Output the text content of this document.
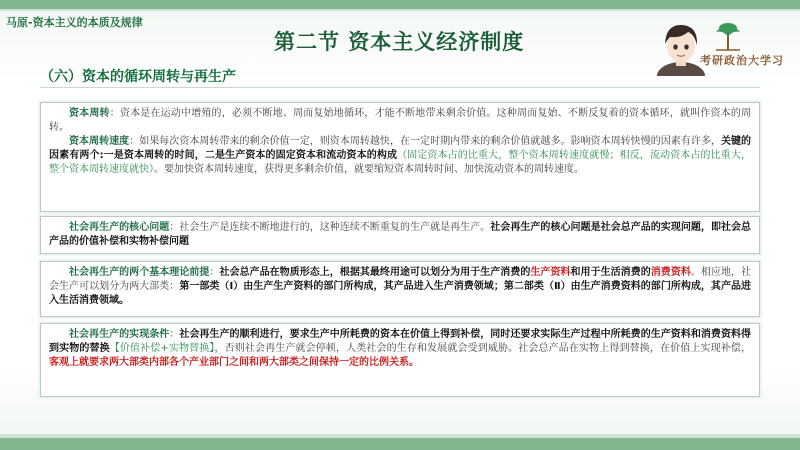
马原-资本主义的本质及规律
第二节 资本主义经济制度
考研政治大学习
（六）资本的循环周转与再生产

资本周转：资本是在运动中增殖的，必须不断地、周而复始地循环，才能不断地带来剩余价值。这种周而复始、不断反复着的资本循环，就叫作资本的周转。

资本周转速度：如果每次资本周转带来的剩余价值一定，则资本周转越快，在一定时期内带来的剩余价值就越多。影响资本周转快慢的因素有许多，关键的因素有两个:一是资本周转的时间，二是生产资本的固定资本和流动资本的构成（固定资本占的比重大，整个资本周转速度就慢；相反，流动资本占的比重大，整个资本周转速度就快）。要加快资本周转速度，获得更多剩余价值，就要缩短资本周转时间、加快流动资本的周转速度。

社会再生产的核心问题：社会生产是连续不断地进行的，这种连续不断重复的生产就是再生产。社会再生产的核心问题是社会总产品的实现问题，即社会总产品的价值补偿和实物补偿问题

社会再生产的两个基本理论前提：社会总产品在物质形态上，根据其最终用途可以划分为用于生产消费的生产资料和用于生活消费的消费资料。相应地，社会生产可以划分为两大部类：第一部类（Ⅰ）由生产生产资料的部门所构成，其产品进入生产消费领域；第二部类（Ⅱ）由生产消费资料的部门所构成，其产品进入生活消费领域。

社会再生产的实现条件：社会再生产的顺利进行，要求生产中所耗费的资本在价值上得到补偿，同时还要求实际生产过程中所耗费的生产资料和消费资料得到实物的替换【价值补偿+实物替换】，否则社会再生产就会停顿，人类社会的生存和发展就会受到威胁。社会总产品在实物上得到替换，在价值上实现补偿，客观上就要求两大部类内部各个产业部门之间和两大部类之间保持一定的比例关系。
